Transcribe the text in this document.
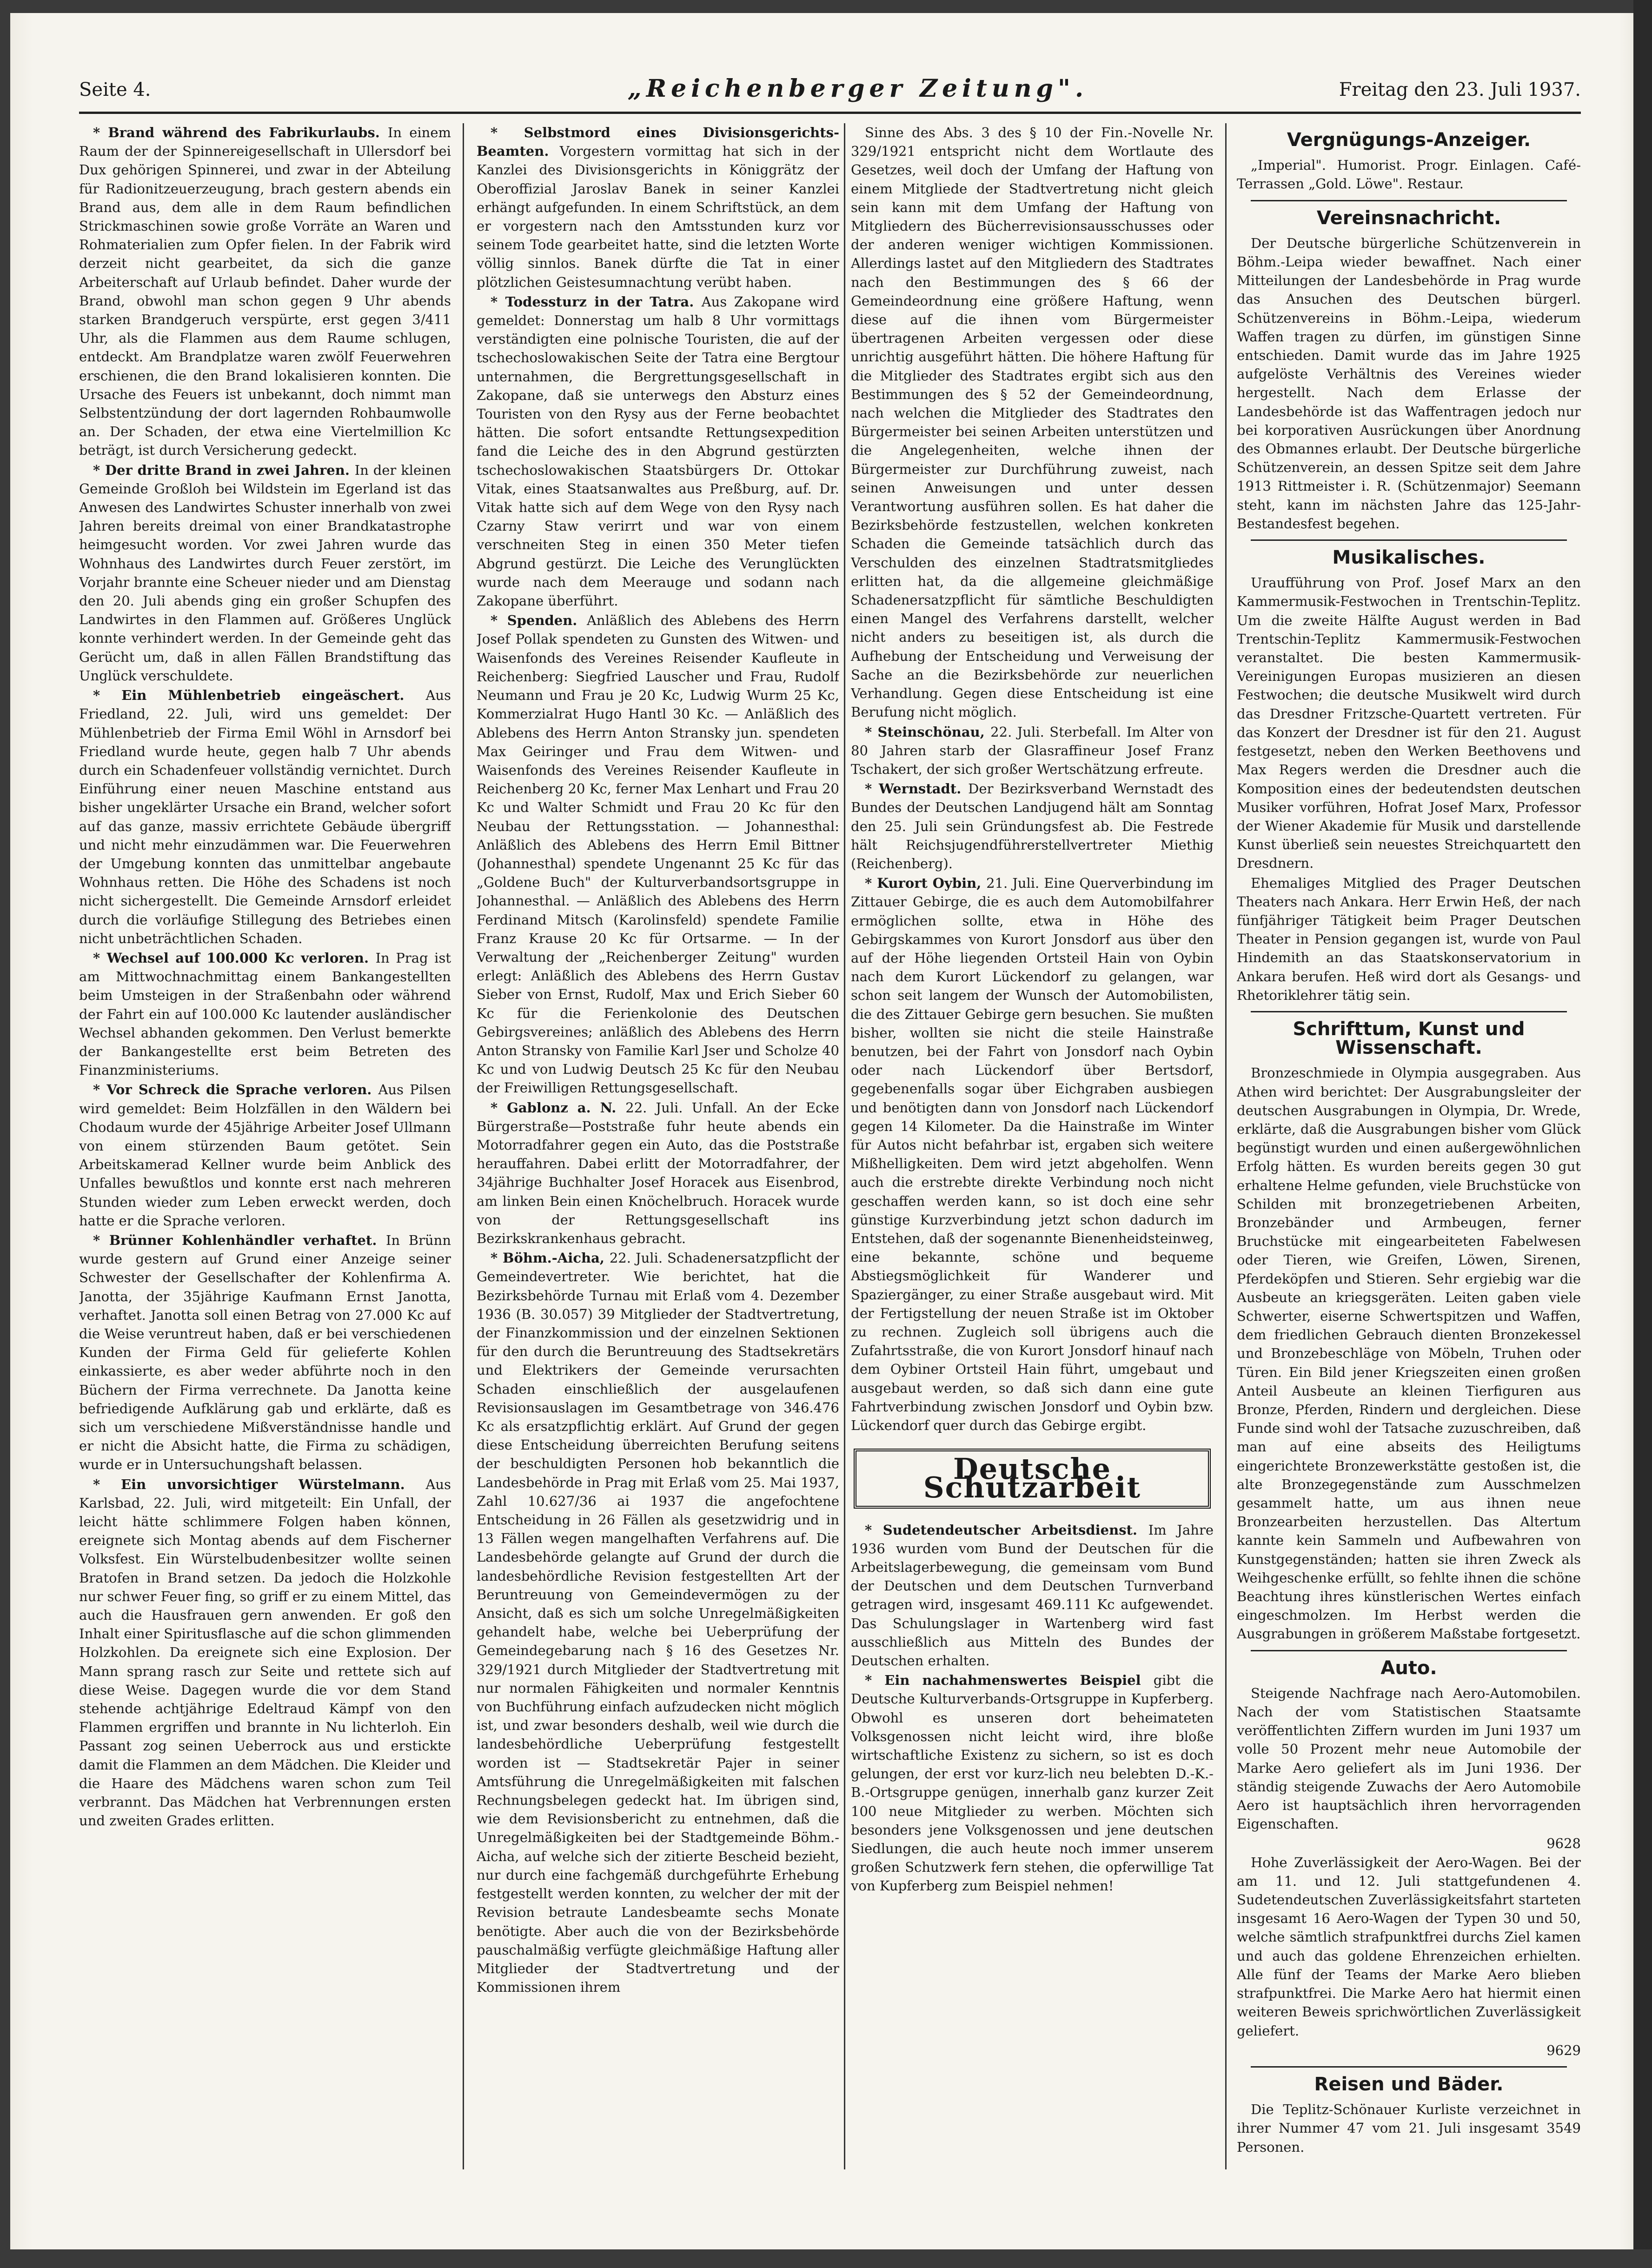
Seite 4.	„Reichenberger Zeitung".	Freitag den 23. Juli 1937.

* Brand während des Fabrikurlaubs. In einem Raum der der Spinnereigesellschaft in Ullersdorf bei Dux gehörigen Spinnerei, und zwar in der Abteilung für Radionitzeuerzeugung, brach gestern abends ein Brand aus, dem alle in dem Raum befindlichen Strickmaschinen sowie große Vorräte an Waren und Rohmaterialien zum Opfer fielen. In der Fabrik wird derzeit nicht gearbeitet, da sich die ganze Arbeiterschaft auf Urlaub befindet. Daher wurde der Brand, obwohl man schon gegen 9 Uhr abends starken Brandgeruch verspürte, erst gegen 3/411 Uhr, als die Flammen aus dem Raume schlugen, entdeckt. Am Brandplatze waren zwölf Feuerwehren erschienen, die den Brand lokalisieren konnten. Die Ursache des Feuers ist unbekannt, doch nimmt man Selbstentzündung der dort lagernden Rohbaumwolle an. Der Schaden, der etwa eine Viertelmillion Kc beträgt, ist durch Versicherung gedeckt.

* Der dritte Brand in zwei Jahren. In der kleinen Gemeinde Großloh bei Wildstein im Egerland ist das Anwesen des Landwirtes Schuster innerhalb von zwei Jahren bereits dreimal von einer Brandkatastrophe heimgesucht worden. Vor zwei Jahren wurde das Wohnhaus des Landwirtes durch Feuer zerstört, im Vorjahr brannte eine Scheuer nieder und am Dienstag den 20. Juli abends ging ein großer Schupfen des Landwirtes in den Flammen auf. Größeres Unglück konnte verhindert werden. In der Gemeinde geht das Gerücht um, daß in allen Fällen Brandstiftung das Unglück verschuldete.

* Ein Mühlenbetrieb eingeäschert. Aus Friedland, 22. Juli, wird uns gemeldet: Der Mühlenbetrieb der Firma Emil Wöhl in Arnsdorf bei Friedland wurde heute, gegen halb 7 Uhr abends durch ein Schadenfeuer vollständig vernichtet. Durch Einführung einer neuen Maschine entstand aus bisher ungeklärter Ursache ein Brand, welcher sofort auf das ganze, massiv errichtete Gebäude übergriff und nicht mehr einzudämmen war. Die Feuerwehren der Umgebung konnten das unmittelbar angebaute Wohnhaus retten. Die Höhe des Schadens ist noch nicht sichergestellt. Die Gemeinde Arnsdorf erleidet durch die vorläufige Stillegung des Betriebes einen nicht unbeträchtlichen Schaden.

* Wechsel auf 100.000 Kc verloren. In Prag ist am Mittwochnachmittag einem Bankangestellten beim Umsteigen in der Straßenbahn oder während der Fahrt ein auf 100.000 Kc lautender ausländischer Wechsel abhanden gekommen. Den Verlust bemerkte der Bankangestellte erst beim Betreten des Finanzministeriums.

* Vor Schreck die Sprache verloren. Aus Pilsen wird gemeldet: Beim Holzfällen in den Wäldern bei Chodaum wurde der 45jährige Arbeiter Josef Ullmann von einem stürzenden Baum getötet. Sein Arbeitskamerad Kellner wurde beim Anblick des Unfalles bewußtlos und konnte erst nach mehreren Stunden wieder zum Leben erweckt werden, doch hatte er die Sprache verloren.

* Brünner Kohlenhändler verhaftet. In Brünn wurde gestern auf Grund einer Anzeige seiner Schwester der Gesellschafter der Kohlenfirma A. Janotta, der 35jährige Kaufmann Ernst Janotta, verhaftet. Janotta soll einen Betrag von 27.000 Kc auf die Weise veruntreut haben, daß er bei verschiedenen Kunden der Firma Geld für gelieferte Kohlen einkassierte, es aber weder abführte noch in den Büchern der Firma verrechnete. Da Janotta keine befriedigende Aufklärung gab und erklärte, daß es sich um verschiedene Mißverständnisse handle und er nicht die Absicht hatte, die Firma zu schädigen, wurde er in Untersuchungshaft belassen.

* Ein unvorsichtiger Würstelmann. Aus Karlsbad, 22. Juli, wird mitgeteilt: Ein Unfall, der leicht hätte schlimmere Folgen haben können, ereignete sich Montag abends auf dem Fischerner Volksfest. Ein Würstelbudenbesitzer wollte seinen Bratofen in Brand setzen. Da jedoch die Holzkohle nur schwer Feuer fing, so griff er zu einem Mittel, das auch die Hausfrauen gern anwenden. Er goß den Inhalt einer Spiritusflasche auf die schon glimmenden Holzkohlen. Da ereignete sich eine Explosion. Der Mann sprang rasch zur Seite und rettete sich auf diese Weise. Dagegen wurde die vor dem Stand stehende achtjährige Edeltraud Kämpf von den Flammen ergriffen und brannte in Nu lichterloh. Ein Passant zog seinen Ueberrock aus und erstickte damit die Flammen an dem Mädchen. Die Kleider und die Haare des Mädchens waren schon zum Teil verbrannt. Das Mädchen hat Verbrennungen ersten und zweiten Grades erlitten.

* Selbstmord eines Divisionsgerichts-Beamten. Vorgestern vormittag hat sich in der Kanzlei des Divisionsgerichts in Königgrätz der Oberoffizial Jaroslav Banek in seiner Kanzlei erhängt aufgefunden. In einem Schriftstück, an dem er vorgestern nach den Amtsstunden kurz vor seinem Tode gearbeitet hatte, sind die letzten Worte völlig sinnlos. Banek dürfte die Tat in einer plötzlichen Geistesumnachtung verübt haben.

* Todessturz in der Tatra. Aus Zakopane wird gemeldet: Donnerstag um halb 8 Uhr vormittags verständigten eine polnische Touristen, die auf der tschechoslowakischen Seite der Tatra eine Bergtour unternahmen, die Bergrettungsgesellschaft in Zakopane, daß sie unterwegs den Absturz eines Touristen von den Rysy aus der Ferne beobachtet hätten. Die sofort entsandte Rettungsexpedition fand die Leiche des in den Abgrund gestürzten tschechoslowakischen Staatsbürgers Dr. Ottokar Vitak, eines Staatsanwaltes aus Preßburg, auf. Dr. Vitak hatte sich auf dem Wege von den Rysy nach Czarny Staw verirrt und war von einem verschneiten Steg in einen 350 Meter tiefen Abgrund gestürzt. Die Leiche des Verunglückten wurde nach dem Meerauge und sodann nach Zakopane überführt.

* Spenden. Anläßlich des Ablebens des Herrn Josef Pollak spendeten zu Gunsten des Witwen- und Waisenfonds des Vereines Reisender Kaufleute in Reichenberg: Siegfried Lauscher und Frau, Rudolf Neumann und Frau je 20 Kc, Ludwig Wurm 25 Kc, Kommerzialrat Hugo Hantl 30 Kc. — Anläßlich des Ablebens des Herrn Anton Stransky jun. spendeten Max Geiringer und Frau dem Witwen- und Waisenfonds des Vereines Reisender Kaufleute in Reichenberg 20 Kc, ferner Max Lenhart und Frau 20 Kc und Walter Schmidt und Frau 20 Kc für den Neubau der Rettungsstation. — Johannesthal: Anläßlich des Ablebens des Herrn Emil Bittner (Johannesthal) spendete Ungenannt 25 Kc für das „Goldene Buch" der Kulturverbandsortsgruppe in Johannesthal. — Anläßlich des Ablebens des Herrn Ferdinand Mitsch (Karolinsfeld) spendete Familie Franz Krause 20 Kc für Ortsarme. — In der Verwaltung der „Reichenberger Zeitung" wurden erlegt: Anläßlich des Ablebens des Herrn Gustav Sieber von Ernst, Rudolf, Max und Erich Sieber 60 Kc für die Ferienkolonie des Deutschen Gebirgsvereines; anläßlich des Ablebens des Herrn Anton Stransky von Familie Karl Jser und Scholze 40 Kc und von Ludwig Deutsch 25 Kc für den Neubau der Freiwilligen Rettungsgesellschaft.

* Gablonz a. N. 22. Juli. Unfall. An der Ecke Bürgerstraße—Poststraße fuhr heute abends ein Motorradfahrer gegen ein Auto, das die Poststraße herauffahren. Dabei erlitt der Motorradfahrer, der 34jährige Buchhalter Josef Horacek aus Eisenbrod, am linken Bein einen Knöchelbruch. Horacek wurde von der Rettungsgesellschaft ins Bezirkskrankenhaus gebracht.

* Böhm.-Aicha, 22. Juli. Schadenersatzpflicht der Gemeindevertreter. Wie berichtet, hat die Bezirksbehörde Turnau mit Erlaß vom 4. Dezember 1936 (B. 30.057) 39 Mitglieder der Stadtvertretung, der Finanzkommission und der einzelnen Sektionen für den durch die Beruntreuung des Stadtsekretärs und Elektrikers der Gemeinde verursachten Schaden einschließlich der ausgelaufenen Revisionsauslagen im Gesamtbetrage von 346.476 Kc als ersatzpflichtig erklärt. Auf Grund der gegen diese Entscheidung überreichten Berufung seitens der beschuldigten Personen hob bekanntlich die Landesbehörde in Prag mit Erlaß vom 25. Mai 1937, Zahl 10.627/36 ai 1937 die angefochtene Entscheidung in 26 Fällen als gesetzwidrig und in 13 Fällen wegen mangelhaften Verfahrens auf. Die Landesbehörde gelangte auf Grund der durch die landesbehördliche Revision festgestellten Art der Beruntreuung von Gemeindevermögen zu der Ansicht, daß es sich um solche Unregelmäßigkeiten gehandelt habe, welche bei Ueberprüfung der Gemeindegebarung nach § 16 des Gesetzes Nr. 329/1921 durch Mitglieder der Stadtvertretung mit nur normalen Fähigkeiten und normaler Kenntnis von Buchführung einfach aufzudecken nicht möglich ist, und zwar besonders deshalb, weil wie durch die landesbehördliche Ueberprüfung festgestellt worden ist — Stadtsekretär Pajer in seiner Amtsführung die Unregelmäßigkeiten mit falschen Rechnungsbelegen gedeckt hat. Im übrigen sind, wie dem Revisionsbericht zu entnehmen, daß die Unregelmäßigkeiten bei der Stadtgemeinde Böhm.-Aicha, auf welche sich der zitierte Bescheid bezieht, nur durch eine fachgemäß durchgeführte Erhebung festgestellt werden konnten, zu welcher der mit der Revision betraute Landesbeamte sechs Monate benötigte. Aber auch die von der Bezirksbehörde pauschalmäßig verfügte gleichmäßige Haftung aller Mitglieder der Stadtvertretung und der Kommissionen ihrem

Sinne des Abs. 3 des § 10 der Fin.-Novelle Nr. 329/1921 entspricht nicht dem Wortlaute des Gesetzes, weil doch der Umfang der Haftung von einem Mitgliede der Stadtvertretung nicht gleich sein kann mit dem Umfang der Haftung von Mitgliedern des Bücherrevisionsausschusses oder der anderen weniger wichtigen Kommissionen. Allerdings lastet auf den Mitgliedern des Stadtrates nach den Bestimmungen des § 66 der Gemeindeordnung eine größere Haftung, wenn diese auf die ihnen vom Bürgermeister übertragenen Arbeiten vergessen oder diese unrichtig ausgeführt hätten. Die höhere Haftung für die Mitglieder des Stadtrates ergibt sich aus den Bestimmungen des § 52 der Gemeindeordnung, nach welchen die Mitglieder des Stadtrates den Bürgermeister bei seinen Arbeiten unterstützen und die Angelegenheiten, welche ihnen der Bürgermeister zur Durchführung zuweist, nach seinen Anweisungen und unter dessen Verantwortung ausführen sollen. Es hat daher die Bezirksbehörde festzustellen, welchen konkreten Schaden die Gemeinde tatsächlich durch das Verschulden des einzelnen Stadtratsmitgliedes erlitten hat, da die allgemeine gleichmäßige Schadenersatzpflicht für sämtliche Beschuldigten einen Mangel des Verfahrens darstellt, welcher nicht anders zu beseitigen ist, als durch die Aufhebung der Entscheidung und Verweisung der Sache an die Bezirksbehörde zur neuerlichen Verhandlung. Gegen diese Entscheidung ist eine Berufung nicht möglich.

* Steinschönau, 22. Juli. Sterbefall. Im Alter von 80 Jahren starb der Glasraffineur Josef Franz Tschakert, der sich großer Wertschätzung erfreute.

* Wernstadt. Der Bezirksverband Wernstadt des Bundes der Deutschen Landjugend hält am Sonntag den 25. Juli sein Gründungsfest ab. Die Festrede hält Reichsjugendführerstellvertreter Miethig (Reichenberg).

* Kurort Oybin, 21. Juli. Eine Querverbindung im Zittauer Gebirge, die es auch dem Automobilfahrer ermöglichen sollte, etwa in Höhe des Gebirgskammes von Kurort Jonsdorf aus über den auf der Höhe liegenden Ortsteil Hain von Oybin nach dem Kurort Lückendorf zu gelangen, war schon seit langem der Wunsch der Automobilisten, die des Zittauer Gebirge gern besuchen. Sie mußten bisher, wollten sie nicht die steile Hainstraße benutzen, bei der Fahrt von Jonsdorf nach Oybin oder nach Lückendorf über Bertsdorf, gegebenenfalls sogar über Eichgraben ausbiegen und benötigten dann von Jonsdorf nach Lückendorf gegen 14 Kilometer. Da die Hainstraße im Winter für Autos nicht befahrbar ist, ergaben sich weitere Mißhelligkeiten. Dem wird jetzt abgeholfen. Wenn auch die erstrebte direkte Verbindung noch nicht geschaffen werden kann, so ist doch eine sehr günstige Kurzverbindung jetzt schon dadurch im Entstehen, daß der sogenannte Bienenheidsteinweg, eine bekannte, schöne und bequeme Abstiegsmöglichkeit für Wanderer und Spaziergänger, zu einer Straße ausgebaut wird. Mit der Fertigstellung der neuen Straße ist im Oktober zu rechnen. Zugleich soll übrigens auch die Zufahrtsstraße, die von Kurort Jonsdorf hinauf nach dem Oybiner Ortsteil Hain führt, umgebaut und ausgebaut werden, so daß sich dann eine gute Fahrtverbindung zwischen Jonsdorf und Oybin bzw. Lückendorf quer durch das Gebirge ergibt.

Deutsche Schutzarbeit

* Sudetendeutscher Arbeitsdienst. Im Jahre 1936 wurden vom Bund der Deutschen für die Arbeitslagerbewegung, die gemeinsam vom Bund der Deutschen und dem Deutschen Turnverband getragen wird, insgesamt 469.111 Kc aufgewendet. Das Schulungslager in Wartenberg wird fast ausschließlich aus Mitteln des Bundes der Deutschen erhalten.

* Ein nachahmenswertes Beispiel gibt die Deutsche Kulturverbands-Ortsgruppe in Kupferberg. Obwohl es unseren dort beheimateten Volksgenossen nicht leicht wird, ihre bloße wirtschaftliche Existenz zu sichern, so ist es doch gelungen, der erst vor kurz-lich neu belebten D.-K.-B.-Ortsgruppe genügen, innerhalb ganz kurzer Zeit 100 neue Mitglieder zu werben. Möchten sich besonders jene Volksgenossen und jene deutschen Siedlungen, die auch heute noch immer unserem großen Schutzwerk fern stehen, die opferwillige Tat von Kupferberg zum Beispiel nehmen!

Vergnügungs-Anzeiger.

„Imperial". Humorist. Progr. Einlagen. Café-Terrassen „Gold. Löwe". Restaur.

Vereinsnachricht.

Der Deutsche bürgerliche Schützenverein in Böhm.-Leipa wieder bewaffnet. Nach einer Mitteilungen der Landesbehörde in Prag wurde das Ansuchen des Deutschen bürgerl. Schützenvereins in Böhm.-Leipa, wiederum Waffen tragen zu dürfen, im günstigen Sinne entschieden. Damit wurde das im Jahre 1925 aufgelöste Verhältnis des Vereines wieder hergestellt. Nach dem Erlasse der Landesbehörde ist das Waffentragen jedoch nur bei korporativen Ausrückungen über Anordnung des Obmannes erlaubt. Der Deutsche bürgerliche Schützenverein, an dessen Spitze seit dem Jahre 1913 Rittmeister i. R. (Schützenmajor) Seemann steht, kann im nächsten Jahre das 125-Jahr-Bestandesfest begehen.

Musikalisches.

Uraufführung von Prof. Josef Marx an den Kammermusik-Festwochen in Trentschin-Teplitz. Um die zweite Hälfte August werden in Bad Trentschin-Teplitz Kammermusik-Festwochen veranstaltet. Die besten Kammermusik-Vereinigungen Europas musizieren an diesen Festwochen; die deutsche Musikwelt wird durch das Dresdner Fritzsche-Quartett vertreten. Für das Konzert der Dresdner ist für den 21. August festgesetzt, neben den Werken Beethovens und Max Regers werden die Dresdner auch die Komposition eines der bedeutendsten deutschen Musiker vorführen, Hofrat Josef Marx, Professor der Wiener Akademie für Musik und darstellende Kunst überließ sein neuestes Streichquartett den Dresdnern.

Ehemaliges Mitglied des Prager Deutschen Theaters nach Ankara. Herr Erwin Heß, der nach fünfjähriger Tätigkeit beim Prager Deutschen Theater in Pension gegangen ist, wurde von Paul Hindemith an das Staatskonservatorium in Ankara berufen. Heß wird dort als Gesangs- und Rhetoriklehrer tätig sein.

Schrifttum, Kunst und Wissenschaft.

Bronzeschmiede in Olympia ausgegraben. Aus Athen wird berichtet: Der Ausgrabungsleiter der deutschen Ausgrabungen in Olympia, Dr. Wrede, erklärte, daß die Ausgrabungen bisher vom Glück begünstigt wurden und einen außergewöhnlichen Erfolg hätten. Es wurden bereits gegen 30 gut erhaltene Helme gefunden, viele Bruchstücke von Schilden mit bronzegetriebenen Arbeiten, Bronzebänder und Armbeugen, ferner Bruchstücke mit eingearbeiteten Fabelwesen oder Tieren, wie Greifen, Löwen, Sirenen, Pferdeköpfen und Stieren. Sehr ergiebig war die Ausbeute an kriegsgeräten. Leiten gaben viele Schwerter, eiserne Schwertspitzen und Waffen, dem friedlichen Gebrauch dienten Bronzekessel und Bronzebeschläge von Möbeln, Truhen oder Türen. Ein Bild jener Kriegszeiten einen großen Anteil Ausbeute an kleinen Tierfiguren aus Bronze, Pferden, Rindern und dergleichen. Diese Funde sind wohl der Tatsache zuzuschreiben, daß man auf eine abseits des Heiligtums eingerichtete Bronzewerkstätte gestoßen ist, die alte Bronzegegenstände zum Ausschmelzen gesammelt hatte, um aus ihnen neue Bronzearbeiten herzustellen. Das Altertum kannte kein Sammeln und Aufbewahren von Kunstgegenständen; hatten sie ihren Zweck als Weihgeschenke erfüllt, so fehlte ihnen die schöne Beachtung ihres künstlerischen Wertes einfach eingeschmolzen. Im Herbst werden die Ausgrabungen in größerem Maßstabe fortgesetzt.

Auto.

Steigende Nachfrage nach Aero-Automobilen. Nach der vom Statistischen Staatsamte veröffentlichten Ziffern wurden im Juni 1937 um volle 50 Prozent mehr neue Automobile der Marke Aero geliefert als im Juni 1936. Der ständig steigende Zuwachs der Aero Automobile Aero ist hauptsächlich ihren hervorragenden Eigenschaften.

9628

Hohe Zuverlässigkeit der Aero-Wagen. Bei der am 11. und 12. Juli stattgefundenen 4. Sudetendeutschen Zuverlässigkeitsfahrt starteten insgesamt 16 Aero-Wagen der Typen 30 und 50, welche sämtlich strafpunktfrei durchs Ziel kamen und auch das goldene Ehrenzeichen erhielten. Alle fünf der Teams der Marke Aero blieben strafpunktfrei. Die Marke Aero hat hiermit einen weiteren Beweis sprichwörtlichen Zuverlässigkeit geliefert.

9629
Reisen und Bäder.

Die Teplitz-Schönauer Kurliste verzeichnet in ihrer Nummer 47 vom 21. Juli insgesamt 3549 Personen.
